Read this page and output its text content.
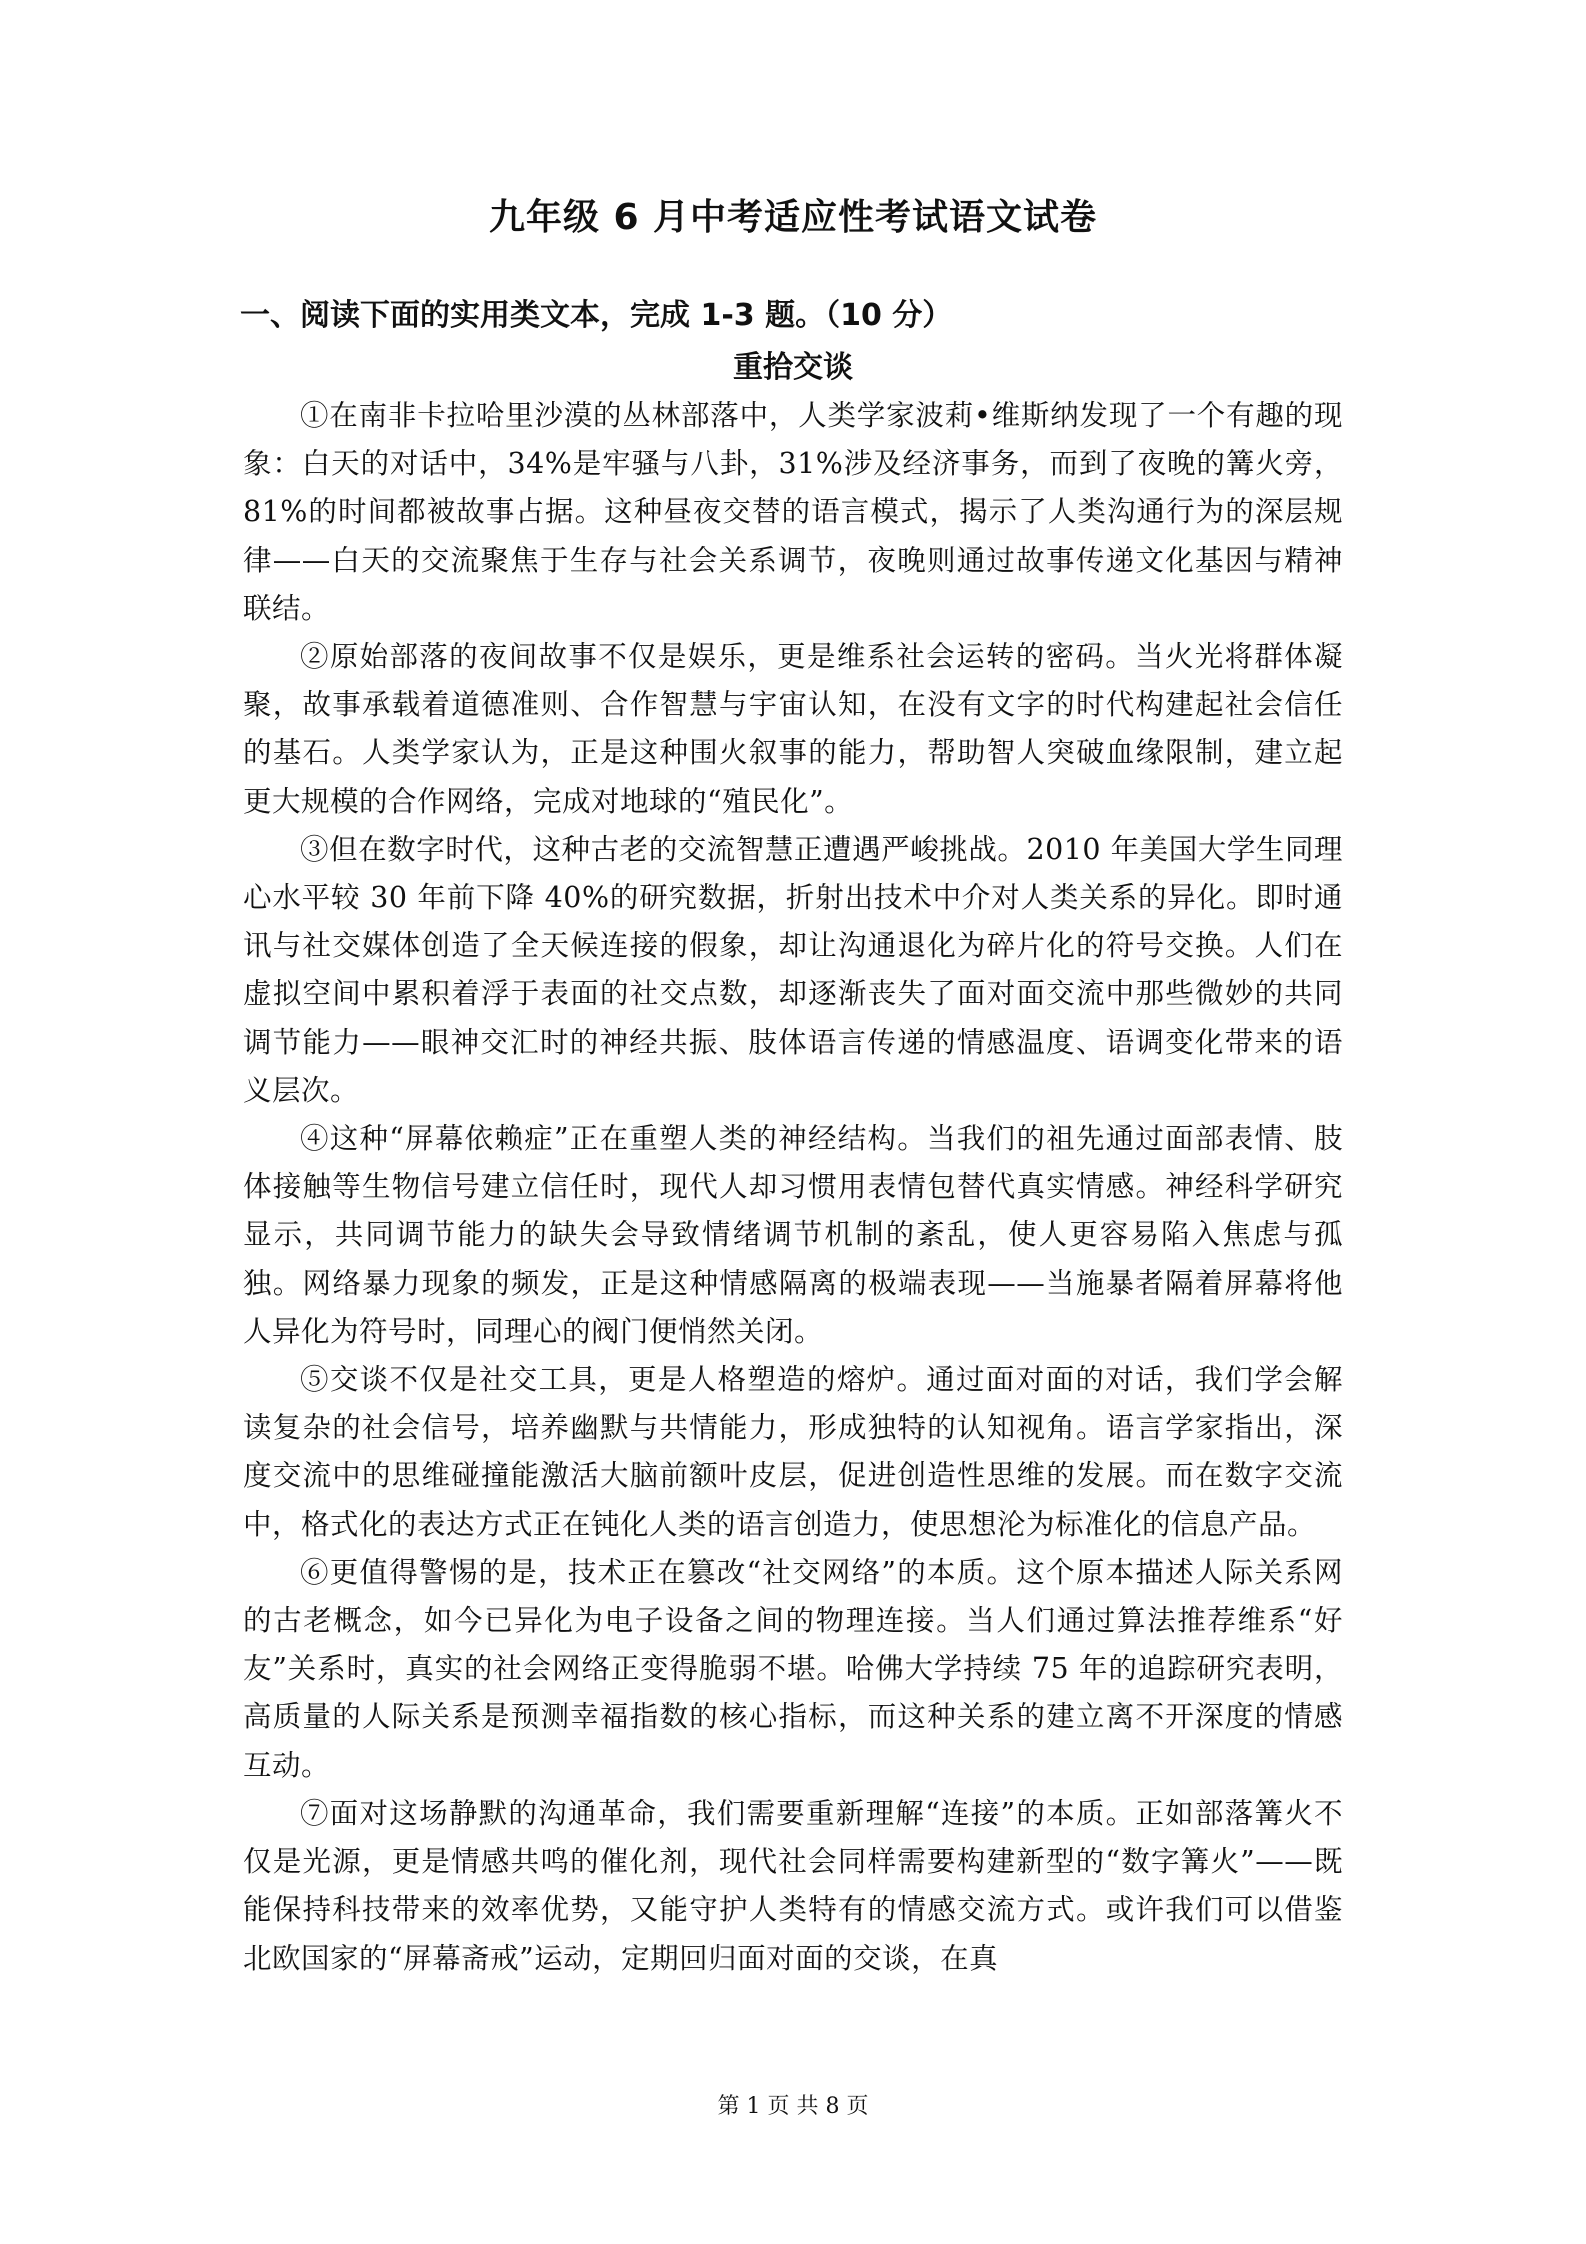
九年级 6 月中考适应性考试语文试卷
一、阅读下面的实用类文本，完成 1-3 题。（10 分）
重拾交谈

①在南非卡拉哈里沙漠的丛林部落中，人类学家波莉•维斯纳发现了一个有趣的现象：白天的对话中，34%是牢骚与八卦，31%涉及经济事务，而到了夜晚的篝火旁，81%的时间都被故事占据。这种昼夜交替的语言模式，揭示了人类沟通行为的深层规律——白天的交流聚焦于生存与社会关系调节，夜晚则通过故事传递文化基因与精神联结。

②原始部落的夜间故事不仅是娱乐，更是维系社会运转的密码。当火光将群体凝聚，故事承载着道德准则、合作智慧与宇宙认知，在没有文字的时代构建起社会信任的基石。人类学家认为，正是这种围火叙事的能力，帮助智人突破血缘限制，建立起更大规模的合作网络，完成对地球的“殖民化”。

③但在数字时代，这种古老的交流智慧正遭遇严峻挑战。2010 年美国大学生同理心水平较 30 年前下降 40%的研究数据，折射出技术中介对人类关系的异化。即时通讯与社交媒体创造了全天候连接的假象，却让沟通退化为碎片化的符号交换。人们在虚拟空间中累积着浮于表面的社交点数，却逐渐丧失了面对面交流中那些微妙的共同调节能力——眼神交汇时的神经共振、肢体语言传递的情感温度、语调变化带来的语义层次。

④这种“屏幕依赖症”正在重塑人类的神经结构。当我们的祖先通过面部表情、肢体接触等生物信号建立信任时，现代人却习惯用表情包替代真实情感。神经科学研究显示，共同调节能力的缺失会导致情绪调节机制的紊乱，使人更容易陷入焦虑与孤独。网络暴力现象的频发，正是这种情感隔离的极端表现——当施暴者隔着屏幕将他人异化为符号时，同理心的阀门便悄然关闭。

⑤交谈不仅是社交工具，更是人格塑造的熔炉。通过面对面的对话，我们学会解读复杂的社会信号，培养幽默与共情能力，形成独特的认知视角。语言学家指出，深度交流中的思维碰撞能激活大脑前额叶皮层，促进创造性思维的发展。而在数字交流中，格式化的表达方式正在钝化人类的语言创造力，使思想沦为标准化的信息产品。

⑥更值得警惕的是，技术正在篡改“社交网络”的本质。这个原本描述人际关系网的古老概念，如今已异化为电子设备之间的物理连接。当人们通过算法推荐维系“好友”关系时，真实的社会网络正变得脆弱不堪。哈佛大学持续 75 年的追踪研究表明，高质量的人际关系是预测幸福指数的核心指标，而这种关系的建立离不开深度的情感互动。

⑦面对这场静默的沟通革命，我们需要重新理解“连接”的本质。正如部落篝火不仅是光源，更是情感共鸣的催化剂，现代社会同样需要构建新型的“数字篝火”——既能保持科技带来的效率优势，又能守护人类特有的情感交流方式。或许我们可以借鉴北欧国家的“屏幕斋戒”运动，定期回归面对面的交谈，在真

第 1 页 共 8 页
